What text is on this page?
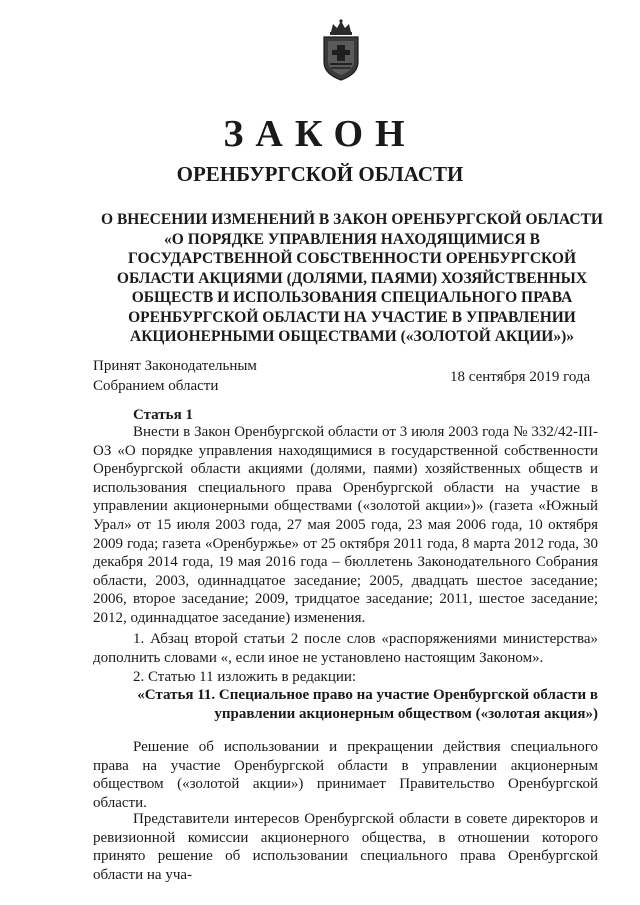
ЗАКОН
ОРЕНБУРГСКОЙ ОБЛАСТИ
О ВНЕСЕНИИ ИЗМЕНЕНИЙ В ЗАКОН ОРЕНБУРГСКОЙ ОБЛАСТИ «О ПОРЯДКЕ УПРАВЛЕНИЯ НАХОДЯЩИМИСЯ В ГОСУДАРСТВЕННОЙ СОБСТВЕННОСТИ ОРЕНБУРГСКОЙ ОБЛАСТИ АКЦИЯМИ (ДОЛЯМИ, ПАЯМИ) ХОЗЯЙСТВЕННЫХ ОБЩЕСТВ И ИСПОЛЬЗОВАНИЯ СПЕЦИАЛЬНОГО ПРАВА ОРЕНБУРГСКОЙ ОБЛАСТИ НА УЧАСТИЕ В УПРАВЛЕНИИ АКЦИОНЕРНЫМИ ОБЩЕСТВАМИ («ЗОЛОТОЙ АКЦИИ»)»
Принят Законодательным
Собранием области
18 сентября 2019 года
Статья 1

Внести в Закон Оренбургской области от 3 июля 2003 года № 332/42-III-ОЗ «О порядке управления находящимися в государственной собственности Оренбургской области акциями (долями, паями) хозяйственных обществ и использования специального права Оренбургской области на участие в управлении акционерными обществами («золотой акции»)» (газета «Южный Урал» от 15 июля 2003 года, 27 мая 2005 года, 23 мая 2006 года, 10 октября 2009 года; газета «Оренбуржье» от 25 октября 2011 года, 8 марта 2012 года, 30 декабря 2014 года, 19 мая 2016 года – бюллетень Законодательного Собрания области, 2003, одиннадцатое заседание; 2005, двадцать шестое заседание; 2006, второе заседание; 2009, тридцатое заседание; 2011, шестое заседание; 2012, одиннадцатое заседание) изменения.

1. Абзац второй статьи 2 после слов «распоряжениями министерства» дополнить словами «, если иное не установлено настоящим Законом».

2. Статью 11 изложить в редакции:

«Статья 11. Специальное право на участие Оренбургской области в управлении акционерным обществом («золотая акция»)

Решение об использовании и прекращении действия специального права на участие Оренбургской области в управлении акционерным обществом («золотой акции») принимает Правительство Оренбургской области.

Представители интересов Оренбургской области в совете директоров и ревизионной комиссии акционерного общества, в отношении которого принято решение об использовании специального права Оренбургской области на уча-
